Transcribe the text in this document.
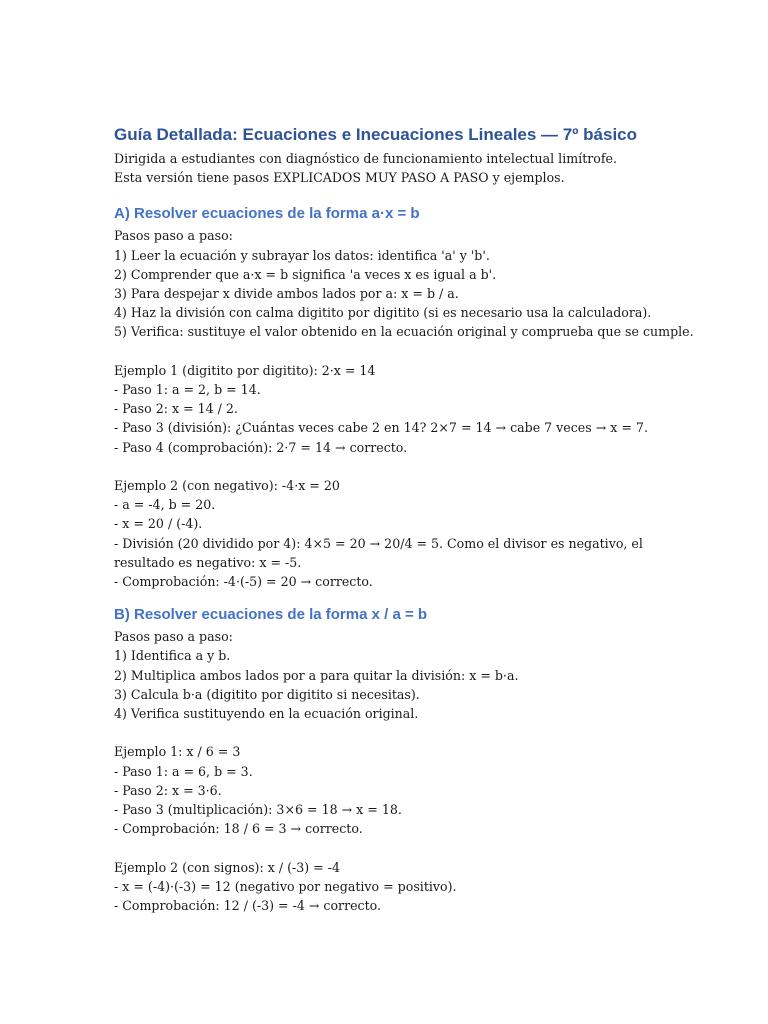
Guía Detallada: Ecuaciones e Inecuaciones Lineales — 7º básico

Dirigida a estudiantes con diagnóstico de funcionamiento intelectual limítrofe.

Esta versión tiene pasos EXPLICADOS MUY PASO A PASO y ejemplos.

A) Resolver ecuaciones de la forma a·x = b

Pasos paso a paso:

1) Leer la ecuación y subrayar los datos: identifica 'a' y 'b'.

2) Comprender que a·x = b significa 'a veces x es igual a b'.

3) Para despejar x divide ambos lados por a: x = b / a.

4) Haz la división con calma digitito por digitito (si es necesario usa la calculadora).

5) Verifica: sustituye el valor obtenido en la ecuación original y comprueba que se cumple.

Ejemplo 1 (digitito por digitito): 2·x = 14

- Paso 1: a = 2, b = 14.

- Paso 2: x = 14 / 2.

- Paso 3 (división): ¿Cuántas veces cabe 2 en 14? 2×7 = 14 → cabe 7 veces → x = 7.

- Paso 4 (comprobación): 2·7 = 14 → correcto.

Ejemplo 2 (con negativo): -4·x = 20

- a = -4, b = 20.

- x = 20 / (-4).

- División (20 dividido por 4): 4×5 = 20 → 20/4 = 5. Como el divisor es negativo, el resultado es negativo: x = -5.

- Comprobación: -4·(-5) = 20 → correcto.

B) Resolver ecuaciones de la forma x / a = b

Pasos paso a paso:

1) Identifica a y b.

2) Multiplica ambos lados por a para quitar la división: x = b·a.

3) Calcula b·a (digitito por digitito si necesitas).

4) Verifica sustituyendo en la ecuación original.

Ejemplo 1: x / 6 = 3

- Paso 1: a = 6, b = 3.

- Paso 2: x = 3·6.

- Paso 3 (multiplicación): 3×6 = 18 → x = 18.

- Comprobación: 18 / 6 = 3 → correcto.

Ejemplo 2 (con signos): x / (-3) = -4

- x = (-4)·(-3) = 12 (negativo por negativo = positivo).

- Comprobación: 12 / (-3) = -4 → correcto.
